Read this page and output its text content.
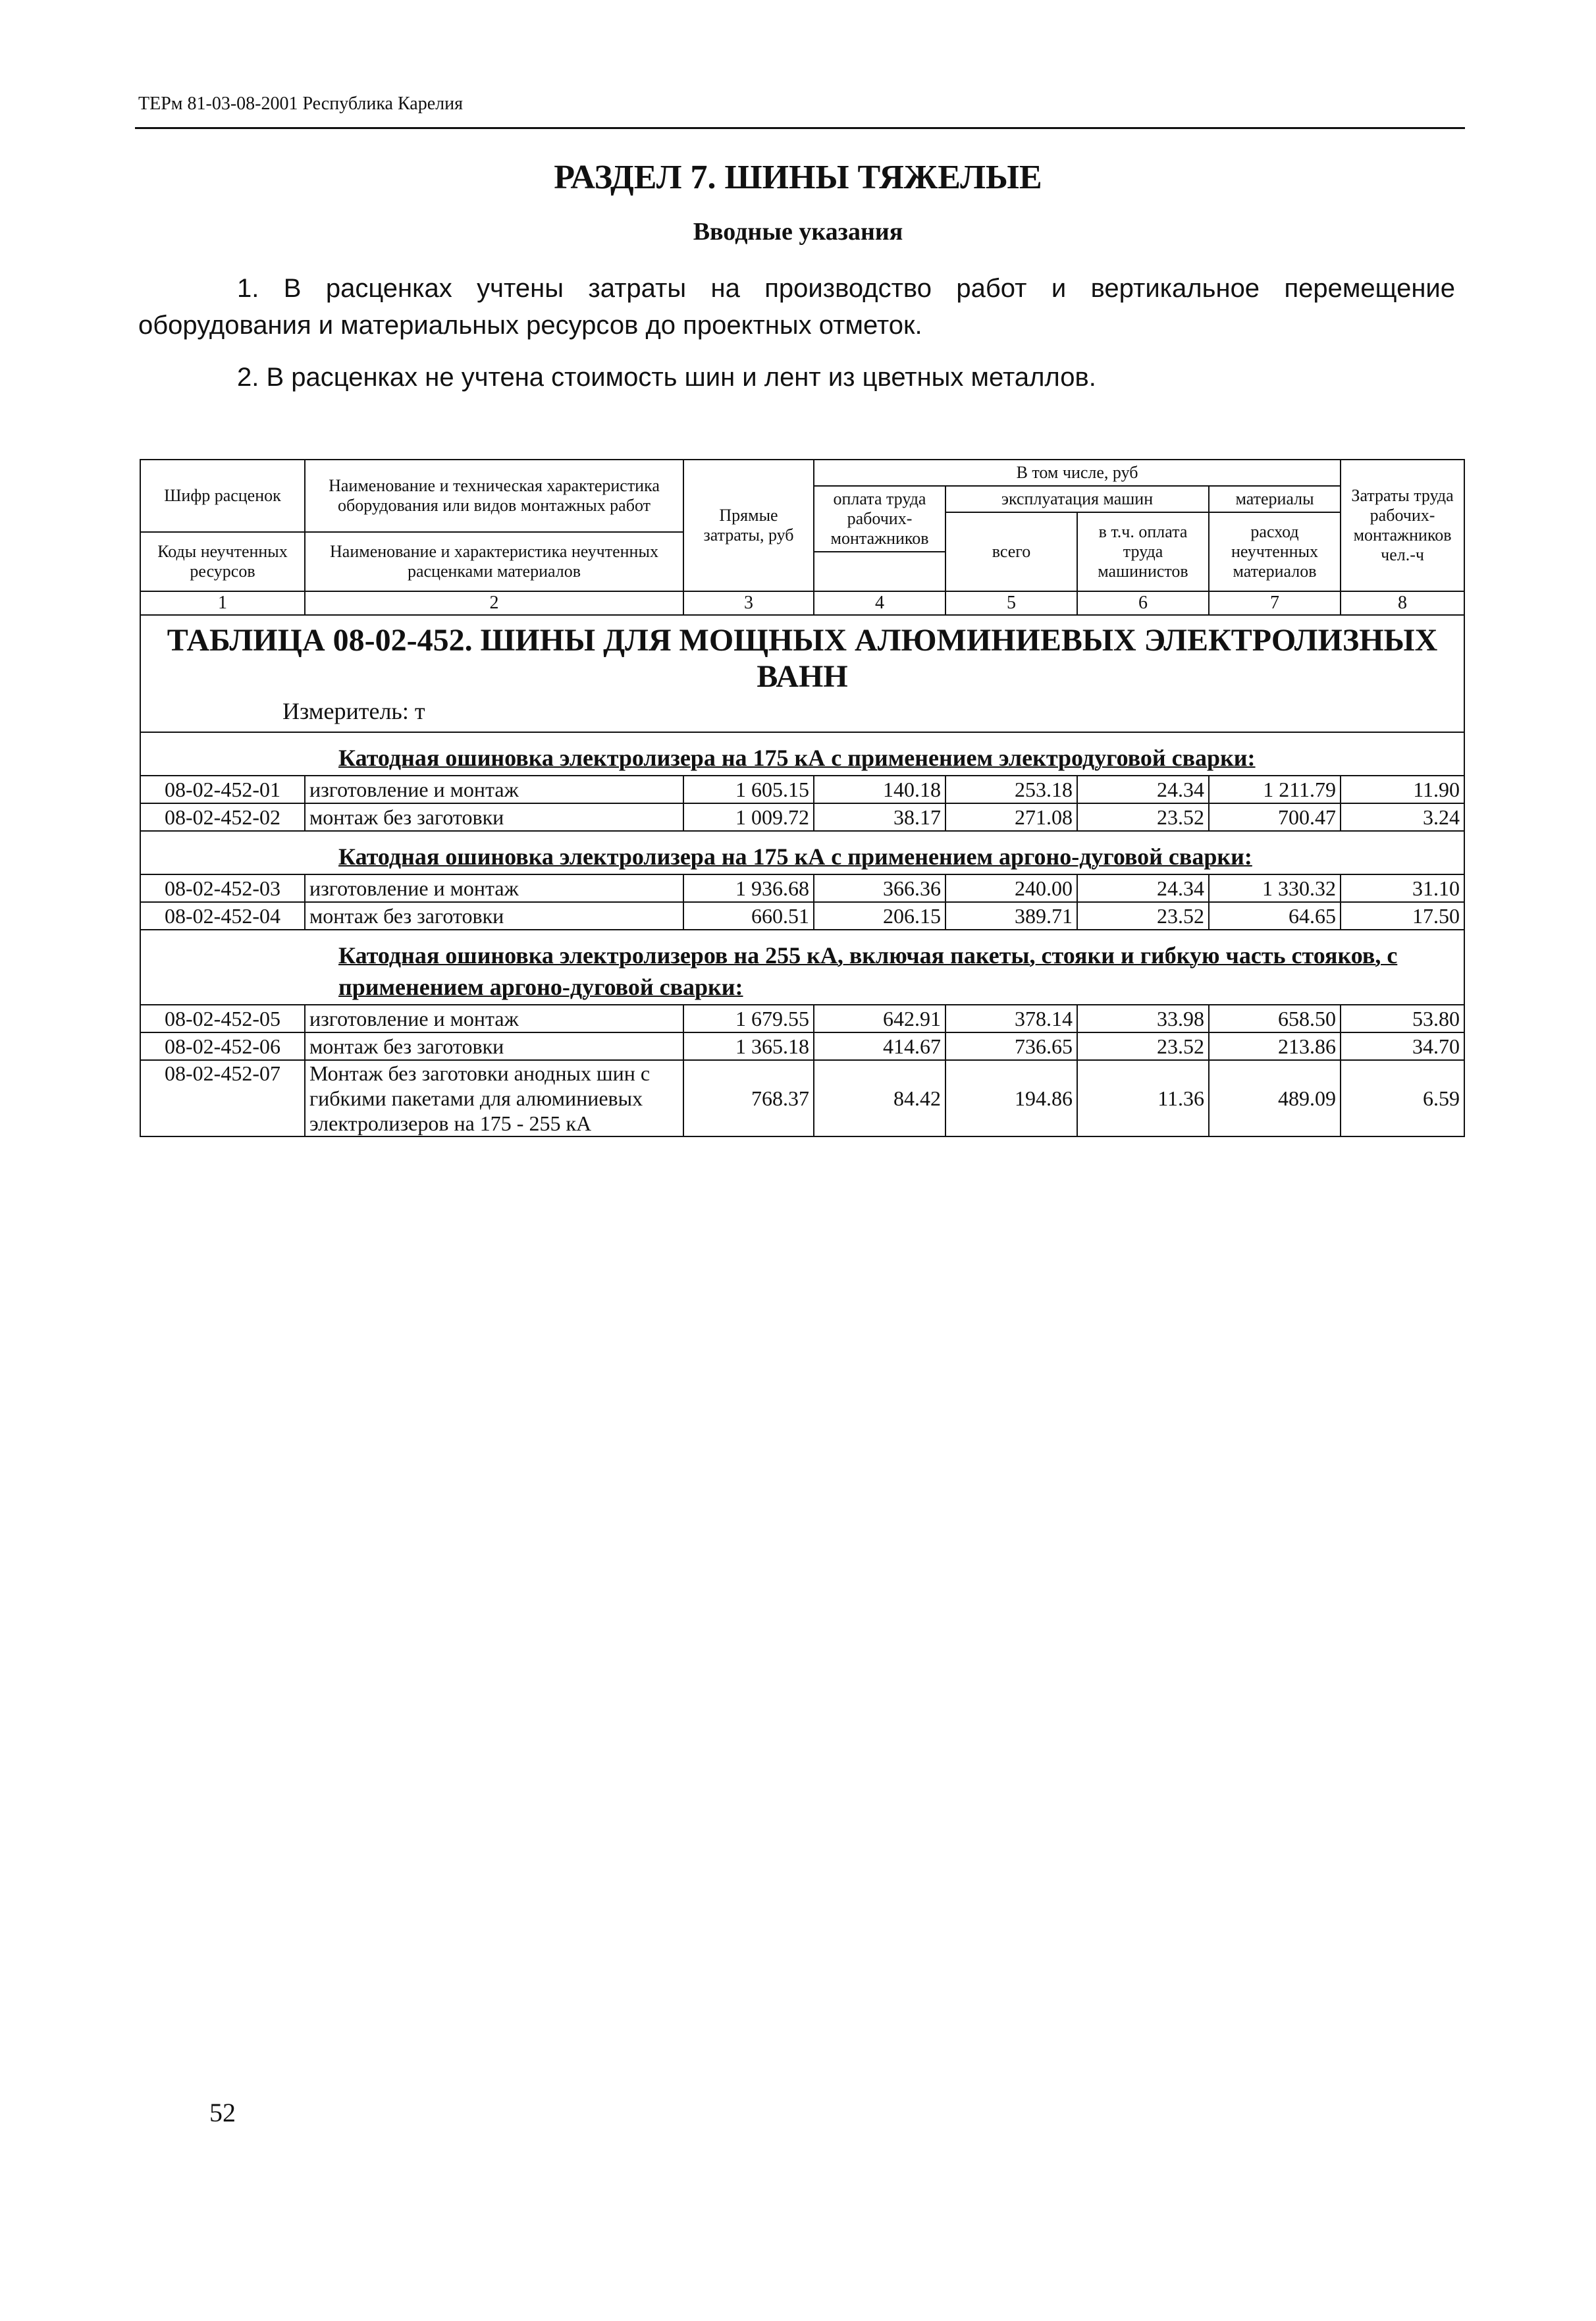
ТЕРм 81-03-08-2001 Республика Карелия
РАЗДЕЛ 7. ШИНЫ ТЯЖЕЛЫЕ
Вводные указания
1. В расценках учтены затраты на производство работ и вертикальное перемещение оборудования и материальных ресурсов до проектных отметок.
2. В расценках не учтена стоимость шин и лент из цветных металлов.
Шифр расценок	Наименование и техническая характеристика оборудования или видов монтажных работ	Прямые затраты, руб	В том числе, руб				Затраты труда рабочих-монтажников чел.-ч
			оплата труда рабочих-монтажников	эксплуатация машин		материалы	
				всего	в т.ч. оплата труда машинистов	расход неучтенных материалов	
Коды неучтенных ресурсов	Наименование и характеристика неучтенных расценками материалов						

1	2	3	4	5	6	7	8
ТАБЛИЦА 08-02-452. ШИНЫ ДЛЯ МОЩНЫХ АЛЮМИНИЕВЫХ ЭЛЕКТРОЛИЗНЫХ ВАНН							
Измеритель: т							
Катодная ошиновка электролизера на 175 кА с применением электродуговой сварки:							
08-02-452-01	изготовление и монтаж	1 605.15	140.18	253.18	24.34	1 211.79	11.90
08-02-452-02	монтаж без заготовки	1 009.72	38.17	271.08	23.52	700.47	3.24
Катодная ошиновка электролизера на 175 кА с применением аргоно-дуговой сварки:							
08-02-452-03	изготовление и монтаж	1 936.68	366.36	240.00	24.34	1 330.32	31.10
08-02-452-04	монтаж без заготовки	660.51	206.15	389.71	23.52	64.65	17.50
Катодная ошиновка электролизеров на 255 кА, включая пакеты, стояки и гибкую часть стояков, с применением аргоно-дуговой сварки:							
08-02-452-05	изготовление и монтаж	1 679.55	642.91	378.14	33.98	658.50	53.80
08-02-452-06	монтаж без заготовки	1 365.18	414.67	736.65	23.52	213.86	34.70
08-02-452-07	Монтаж без заготовки анодных шин с гибкими пакетами для алюминиевых электролизеров на 175 - 255 кА	768.37	84.42	194.86	11.36	489.09	6.59
52
